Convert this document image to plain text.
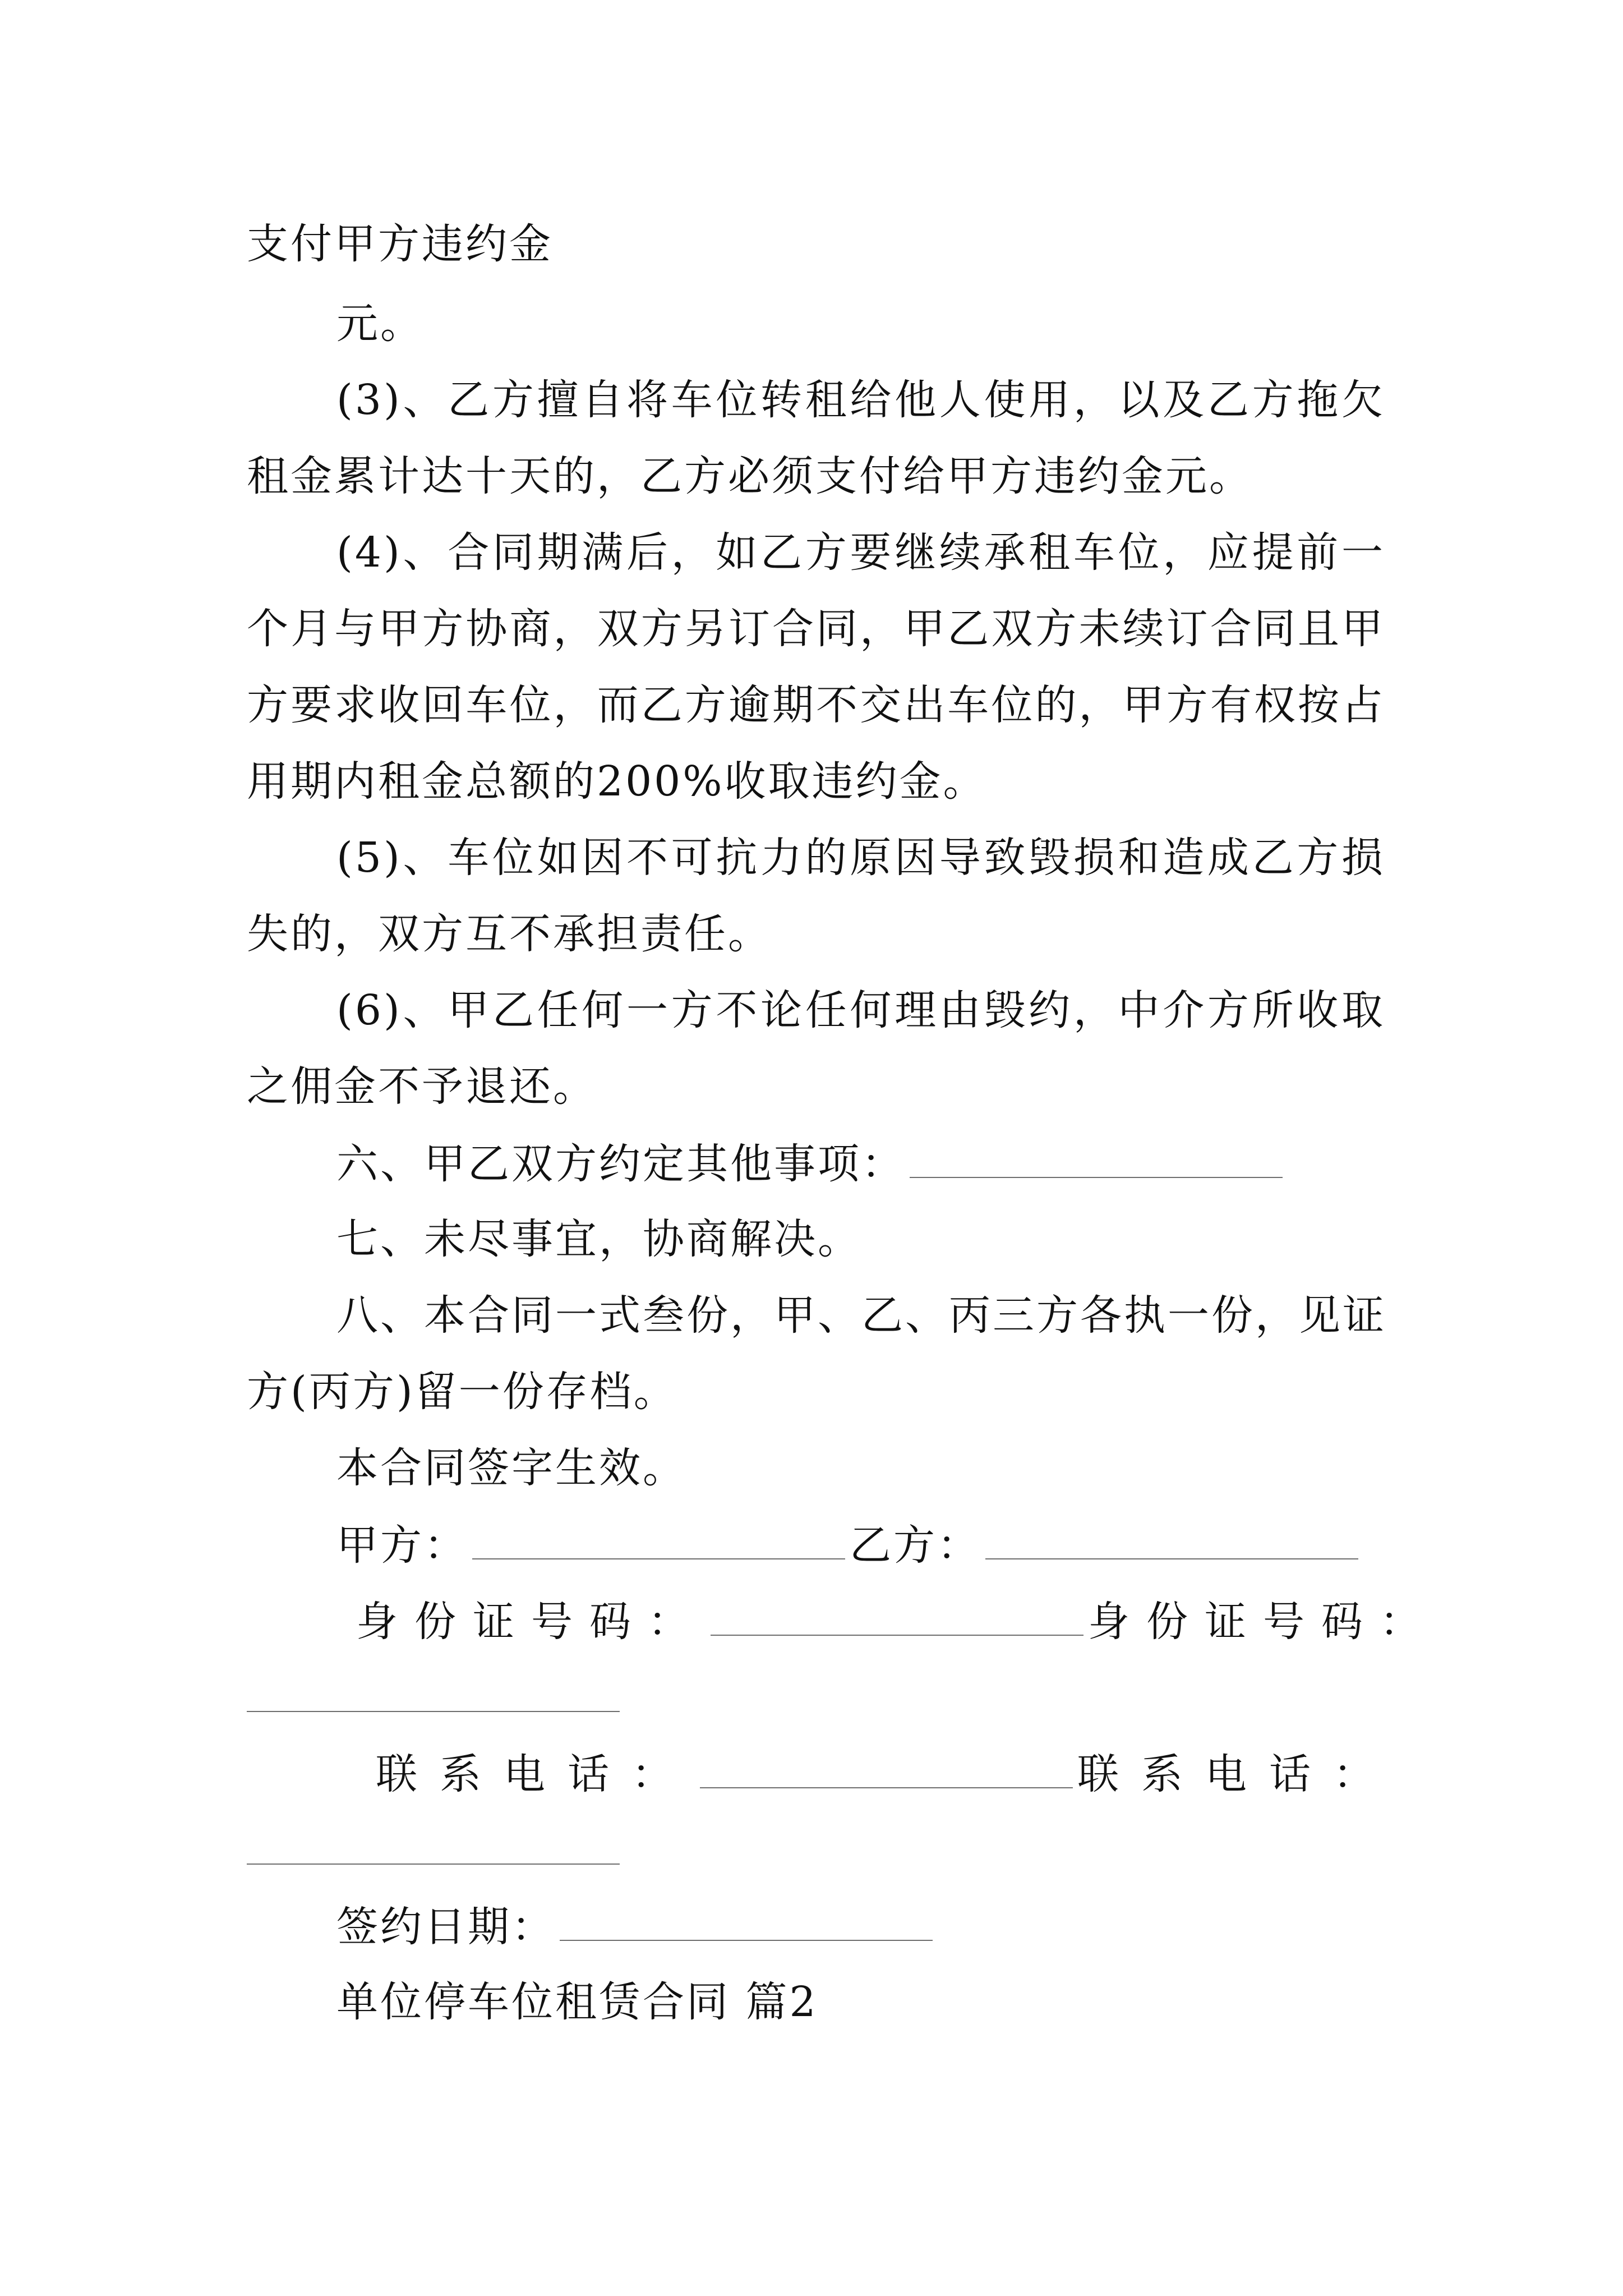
支付甲方违约金
元。
(3)、乙方擅自将车位转租给他人使用，以及乙方拖欠
租金累计达十天的，乙方必须支付给甲方违约金元。
(4)、合同期满后，如乙方要继续承租车位，应提前一
个月与甲方协商，双方另订合同，甲乙双方未续订合同且甲
方要求收回车位，而乙方逾期不交出车位的，甲方有权按占
用期内租金总额的200%收取违约金。
(5)、车位如因不可抗力的原因导致毁损和造成乙方损
失的，双方互不承担责任。
(6)、甲乙任何一方不论任何理由毁约，中介方所收取
之佣金不予退还。
六、甲乙双方约定其他事项：
七、未尽事宜，协商解决。
八、本合同一式叁份，甲、乙、丙三方各执一份，见证
方(丙方)留一份存档。
本合同签字生效。
甲方：	乙方：
身份证号码：	身份证号码：
联系电话：	联系电话：
签约日期：
单位停车位租赁合同 篇2
